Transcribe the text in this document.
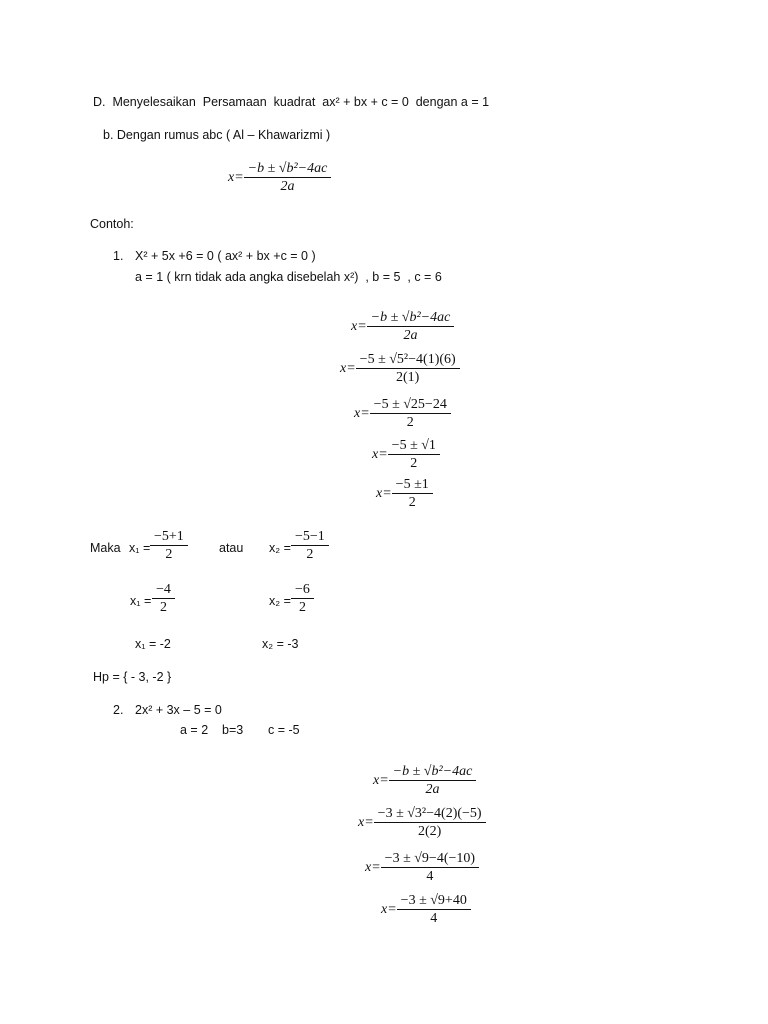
D.  Menyelesaikan  Persamaan  kuadrat  ax² + bx + c = 0  dengan a = 1
b. Dengan rumus abc ( Al – Khawarizmi )
$x= \frac{\text{−b ± √b²−4ac}}{2a}$
Contoh:
1. X² + 5x +6 = 0 ( ax² + bx +c = 0 )
a = 1 ( krn tidak ada angka disebelah x²)  , b = 5  , c = 6
$x= \frac{\text{−b ± √b²−4ac}}{2a}$
$x= \frac{\text{−5 ± √5²−4(1)(6)}}{2(1)}$
$x= \frac{-5 \pm √25-24}{2}$
$x= \frac{-5 \pm √1}{2}$
$x= \frac{-5 \pm 1}{2}$
Maka $x_1 = \frac{-5+1}{2}$	atau $x_2 = \frac{-5-1}{2}$
$x_1 = \frac{-4}{2}$	$x_2 = \frac{-6}{2}$
x₁ = -2	x₂ = -3
Hp = { - 3, -2 }
2. 2x² + 3x – 5 = 0
a = 2 b=3 c = -5
$x= \frac{\text{−b ± √b²−4ac}}{2a}$
$x= \frac{\text{−3 ± √3²−4(2)(−5)}}{2(2)}$
$x= \frac{-3 \pm √9-4(-10)}{4}$
$x= \frac{-3 \pm √9+40}{4}$
